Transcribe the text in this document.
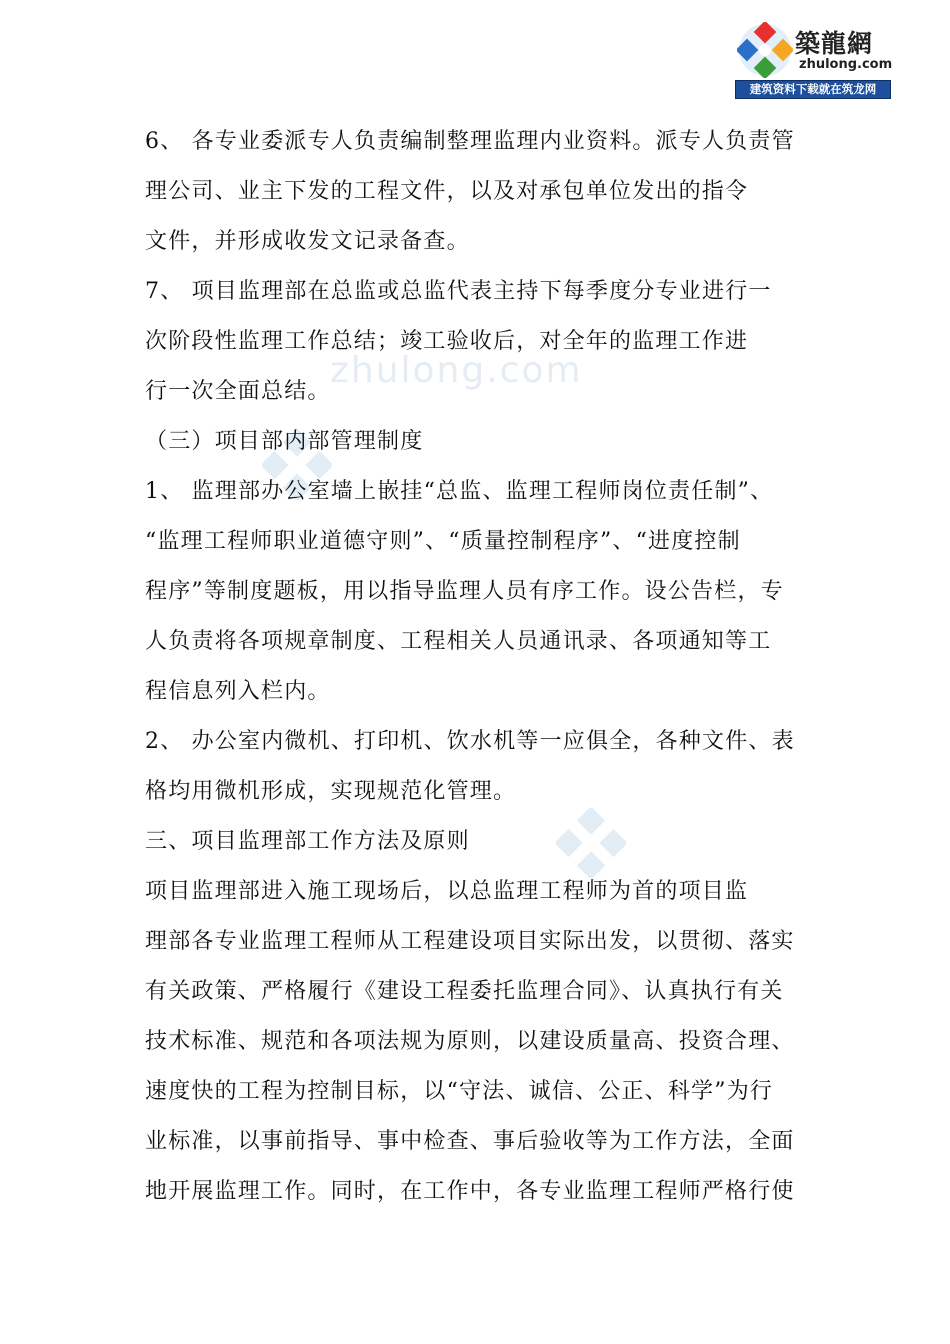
築龍網
zhulong.com
建筑资料下载就在筑龙网
zhulong.com
6、 各专业委派专人负责编制整理监理内业资料。派专人负责管
理公司、业主下发的工程文件，以及对承包单位发出的指令
文件，并形成收发文记录备查。
7、 项目监理部在总监或总监代表主持下每季度分专业进行一
次阶段性监理工作总结；竣工验收后，对全年的监理工作进
行一次全面总结。
（三）项目部内部管理制度
1、 监理部办公室墙上嵌挂“总监、监理工程师岗位责任制”、
“监理工程师职业道德守则”、“质量控制程序”、“进度控制
程序”等制度题板，用以指导监理人员有序工作。设公告栏，专
人负责将各项规章制度、工程相关人员通讯录、各项通知等工
程信息列入栏内。
2、 办公室内微机、打印机、饮水机等一应俱全，各种文件、表
格均用微机形成，实现规范化管理。
三、项目监理部工作方法及原则
项目监理部进入施工现场后，以总监理工程师为首的项目监
理部各专业监理工程师从工程建设项目实际出发，以贯彻、落实
有关政策、严格履行《建设工程委托监理合同》、认真执行有关
技术标准、规范和各项法规为原则，以建设质量高、投资合理、
速度快的工程为控制目标，以“守法、诚信、公正、科学”为行
业标准，以事前指导、事中检查、事后验收等为工作方法，全面
地开展监理工作。同时，在工作中，各专业监理工程师严格行使
